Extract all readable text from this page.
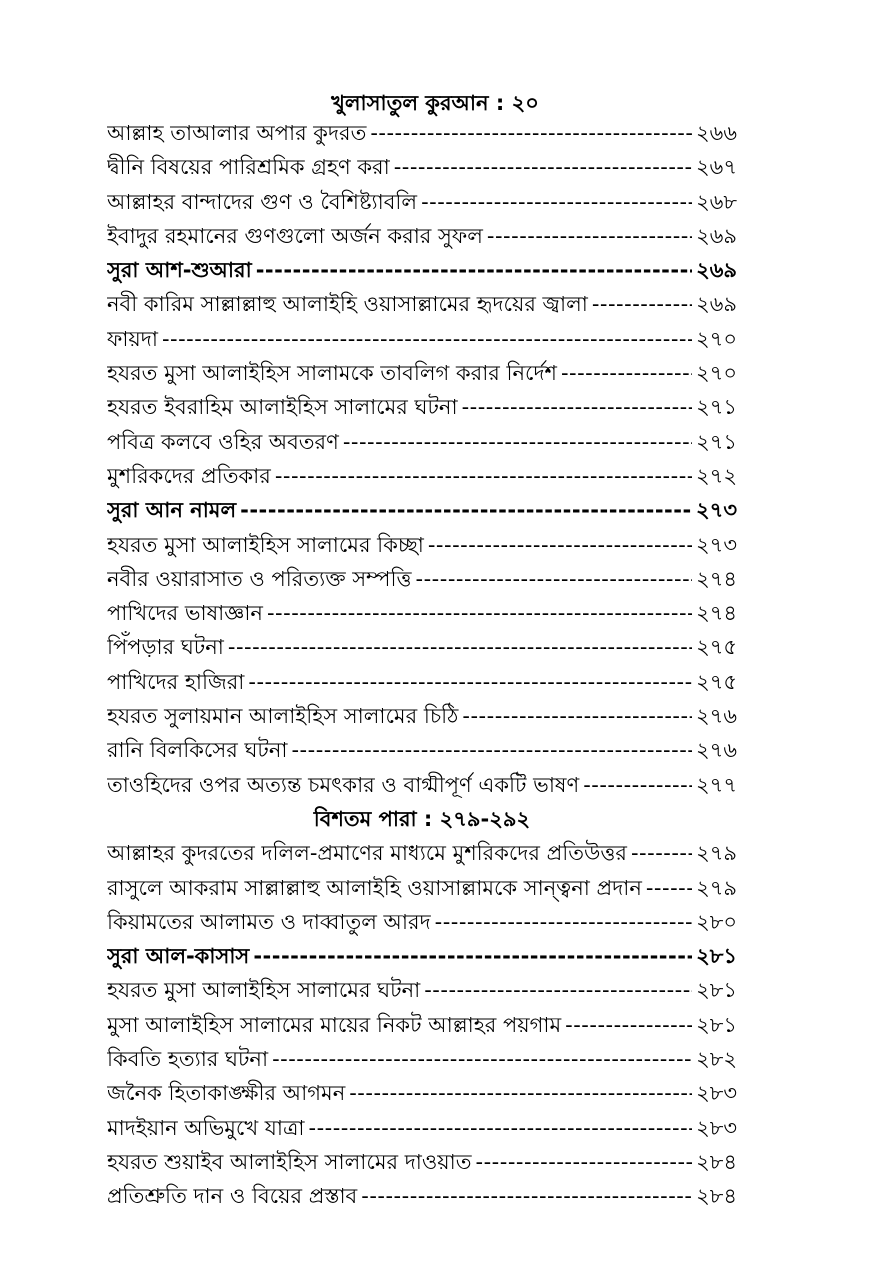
খুলাসাতুল কুরআন : ২০
আল্লাহ তাআলার অপার কুদরত -----	২৬৬
দ্বীনি বিষয়ের পারিশ্রমিক গ্রহণ করা -----	২৬৭
আল্লাহর বান্দাদের গুণ ও বৈশিষ্ট্যাবলি -----	২৬৮
ইবাদুর রহমানের গুণগুলো অর্জন করার সুফল -----	২৬৯
সুরা আশ-শুআরা -----	২৬৯
নবী কারিম সাল্লাল্লাহু আলাইহি ওয়াসাল্লামের হৃদয়ের জ্বালা -----	২৬৯
ফায়দা -----	২৭০
হযরত মুসা আলাইহিস সালামকে তাবলিগ করার নির্দেশ -----	২৭০
হযরত ইবরাহিম আলাইহিস সালামের ঘটনা -----	২৭১
পবিত্র কলবে ওহির অবতরণ -----	২৭১
মুশরিকদের প্রতিকার -----	২৭২
সুরা আন নামল -----	২৭৩
হযরত মুসা আলাইহিস সালামের কিচ্ছা -----	২৭৩
নবীর ওয়ারাসাত ও পরিত্যক্ত সম্পত্তি -----	২৭৪
পাখিদের ভাষাজ্ঞান -----	২৭৪
পিঁপড়ার ঘটনা -----	২৭৫
পাখিদের হাজিরা -----	২৭৫
হযরত সুলায়মান আলাইহিস সালামের চিঠি -----	২৭৬
রানি বিলকিসের ঘটনা -----	২৭৬
তাওহিদের ওপর অত্যন্ত চমৎকার ও বাগ্মীপূর্ণ একটি ভাষণ -----	২৭৭
বিশতম পারা : ২৭৯-২৯২
আল্লাহর কুদরতের দলিল-প্রমাণের মাধ্যমে মুশরিকদের প্রতিউত্তর -----	২৭৯
রাসুলে আকরাম সাল্লাল্লাহু আলাইহি ওয়াসাল্লামকে সান্ত্বনা প্রদান -----	২৭৯
কিয়ামতের আলামত ও দাব্বাতুল আরদ -----	২৮০
সুরা আল-কাসাস -----	২৮১
হযরত মুসা আলাইহিস সালামের ঘটনা -----	২৮১
মুসা আলাইহিস সালামের মায়ের নিকট আল্লাহর পয়গাম -----	২৮১
কিবতি হত্যার ঘটনা -----	২৮২
জনৈক হিতাকাঙ্ক্ষীর আগমন -----	২৮৩
মাদইয়ান অভিমুখে যাত্রা -----	২৮৩
হযরত শুয়াইব আলাইহিস সালামের দাওয়াত -----	২৮৪
প্রতিশ্রুতি দান ও বিয়ের প্রস্তাব -----	২৮৪
